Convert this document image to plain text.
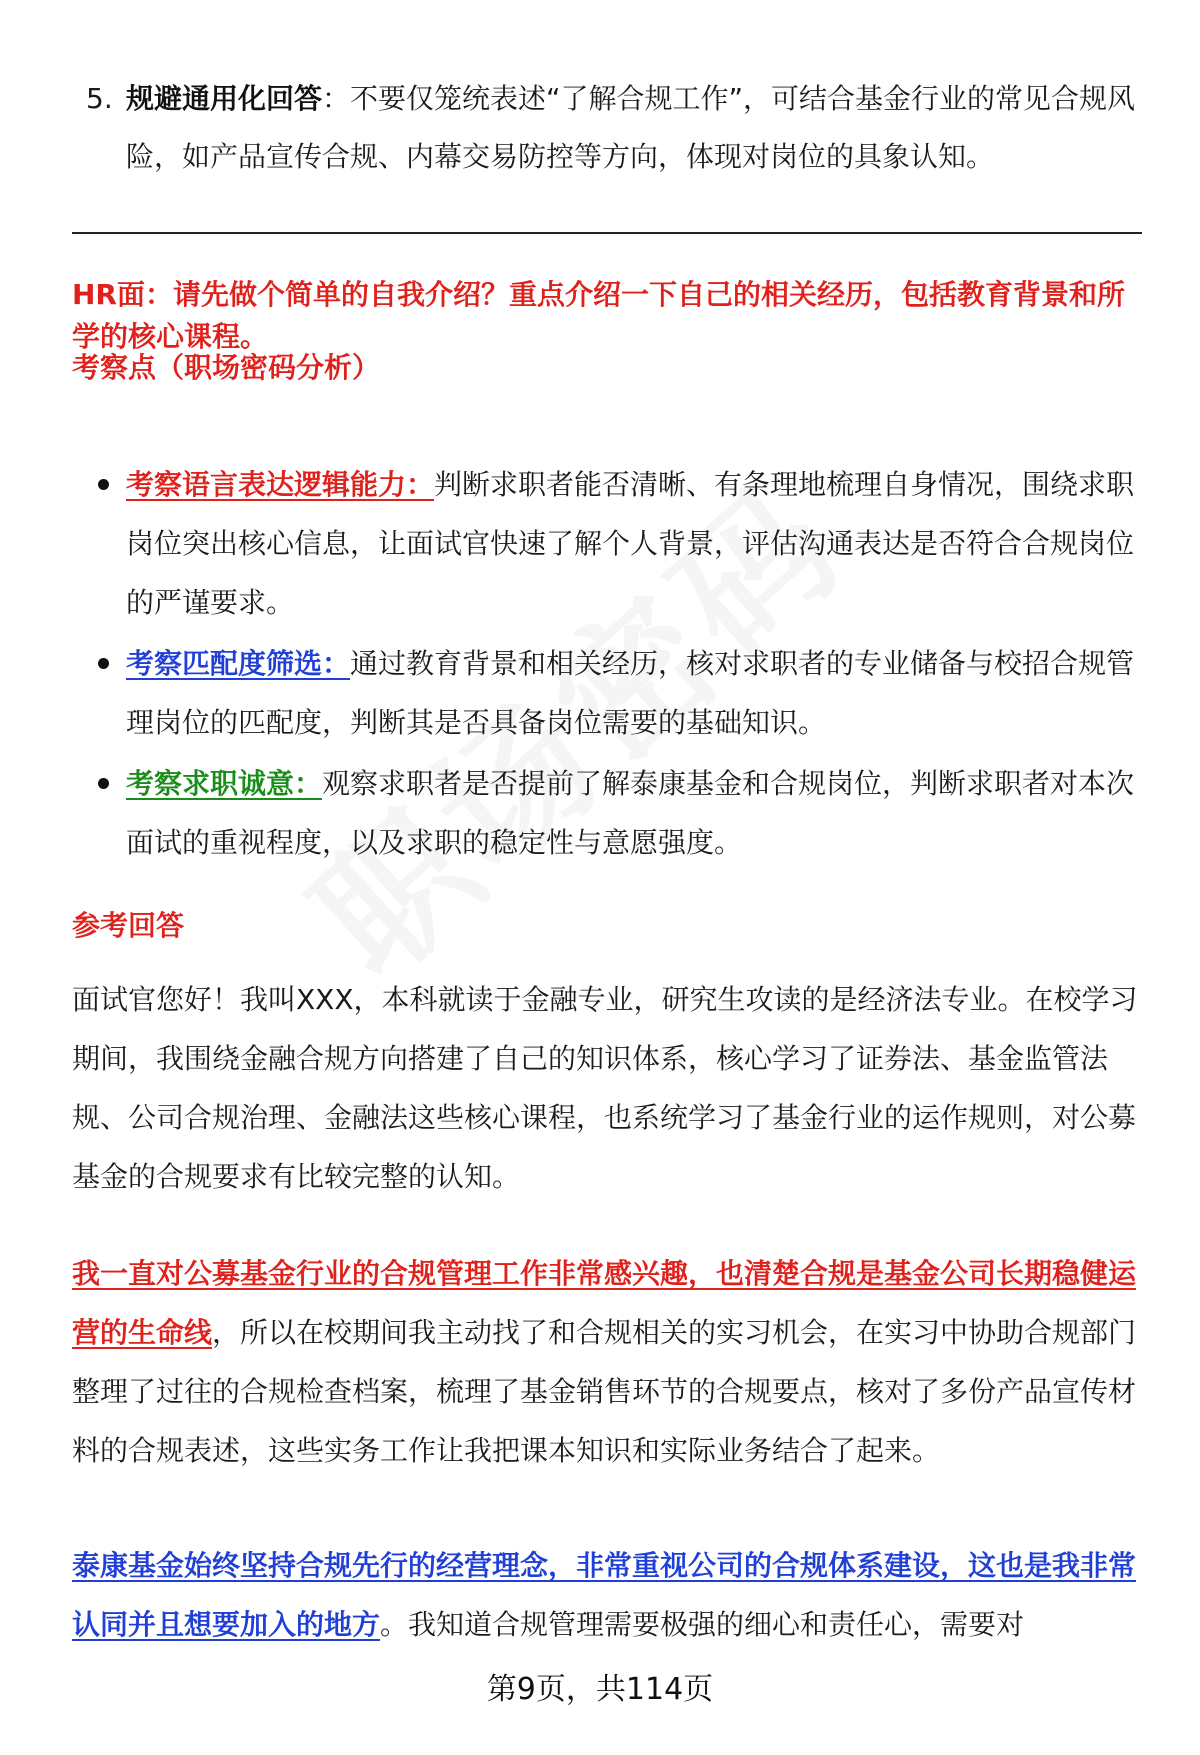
5. 规避通用化回答：不要仅笼统表述“了解合规工作”，可结合基金行业的常见合规风险，如产品宣传合规、内幕交易防控等方向，体现对岗位的具象认知。
HR面：请先做个简单的自我介绍？重点介绍一下自己的相关经历，包括教育背景和所学的核心课程。
考察点（职场密码分析）
考察语言表达逻辑能力：判断求职者能否清晰、有条理地梳理自身情况，围绕求职岗位突出核心信息，让面试官快速了解个人背景，评估沟通表达是否符合合规岗位的严谨要求。
考察匹配度筛选：通过教育背景和相关经历，核对求职者的专业储备与校招合规管理岗位的匹配度，判断其是否具备岗位需要的基础知识。
考察求职诚意：观察求职者是否提前了解泰康基金和合规岗位，判断求职者对本次面试的重视程度，以及求职的稳定性与意愿强度。
参考回答
面试官您好！我叫XXX，本科就读于金融专业，研究生攻读的是经济法专业。在校学习期间，我围绕金融合规方向搭建了自己的知识体系，核心学习了证券法、基金监管法规、公司合规治理、金融法这些核心课程，也系统学习了基金行业的运作规则，对公募基金的合规要求有比较完整的认知。
我一直对公募基金行业的合规管理工作非常感兴趣，也清楚合规是基金公司长期稳健运营的生命线，所以在校期间我主动找了和合规相关的实习机会，在实习中协助合规部门整理了过往的合规检查档案，梳理了基金销售环节的合规要点，核对了多份产品宣传材料的合规表述，这些实务工作让我把课本知识和实际业务结合了起来。
泰康基金始终坚持合规先行的经营理念，非常重视公司的合规体系建设，这也是我非常认同并且想要加入的地方。我知道合规管理需要极强的细心和责任心，需要对
第9页，共114页
